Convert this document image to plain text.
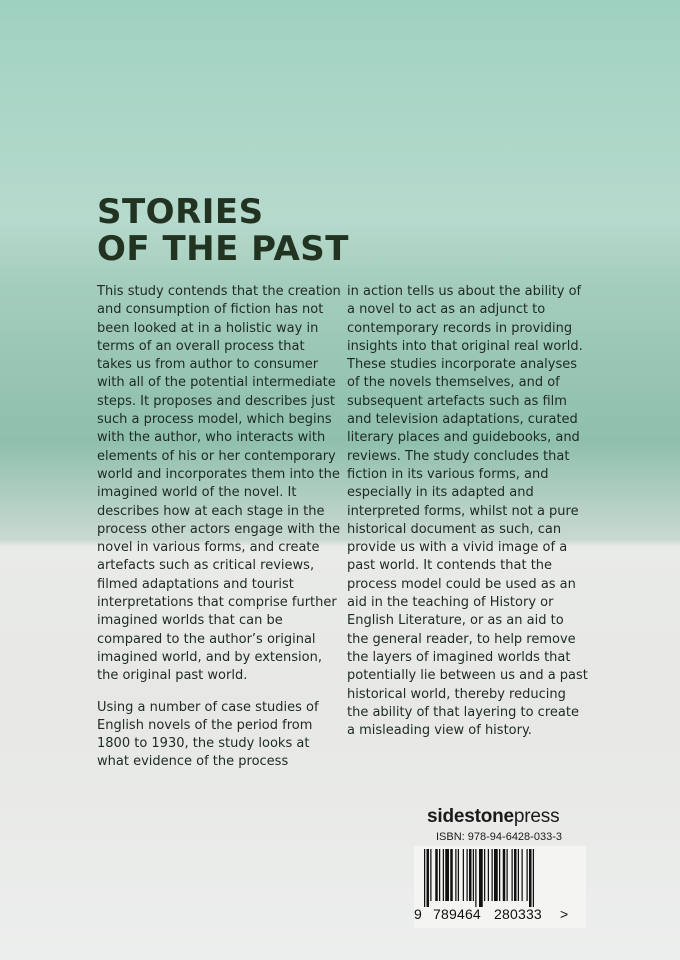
STORIES
OF THE PAST

This study contends that the creation and consumption of fiction has not been looked at in a holistic way in terms of an overall process that takes us from author to consumer with all of the potential intermediate steps. It proposes and describes just such a process model, which begins with the author, who interacts with elements of his or her contemporary world and incorporates them into the imagined world of the novel. It describes how at each stage in the process other actors engage with the novel in various forms, and create artefacts such as critical reviews, filmed adaptations and tourist interpretations that comprise further imagined worlds that can be compared to the author’s original imagined world, and by extension, the original past world.

Using a number of case studies of English novels of the period from 1800 to 1930, the study looks at what evidence of the process

in action tells us about the ability of a novel to act as an adjunct to contemporary records in providing insights into that original real world. These studies incorporate analyses of the novels themselves, and of subsequent artefacts such as film and television adaptations, curated literary places and guidebooks, and reviews. The study concludes that fiction in its various forms, and especially in its adapted and interpreted forms, whilst not a pure historical document as such, can provide us with a vivid image of a past world. It contends that the process model could be used as an aid in the teaching of History or English Literature, or as an aid to the general reader, to help remove the layers of imagined worlds that potentially lie between us and a past historical world, thereby reducing the ability of that layering to create a misleading view of history.

sidestonepress
ISBN: 978-94-6428-033-3
9 789464 280333 >
